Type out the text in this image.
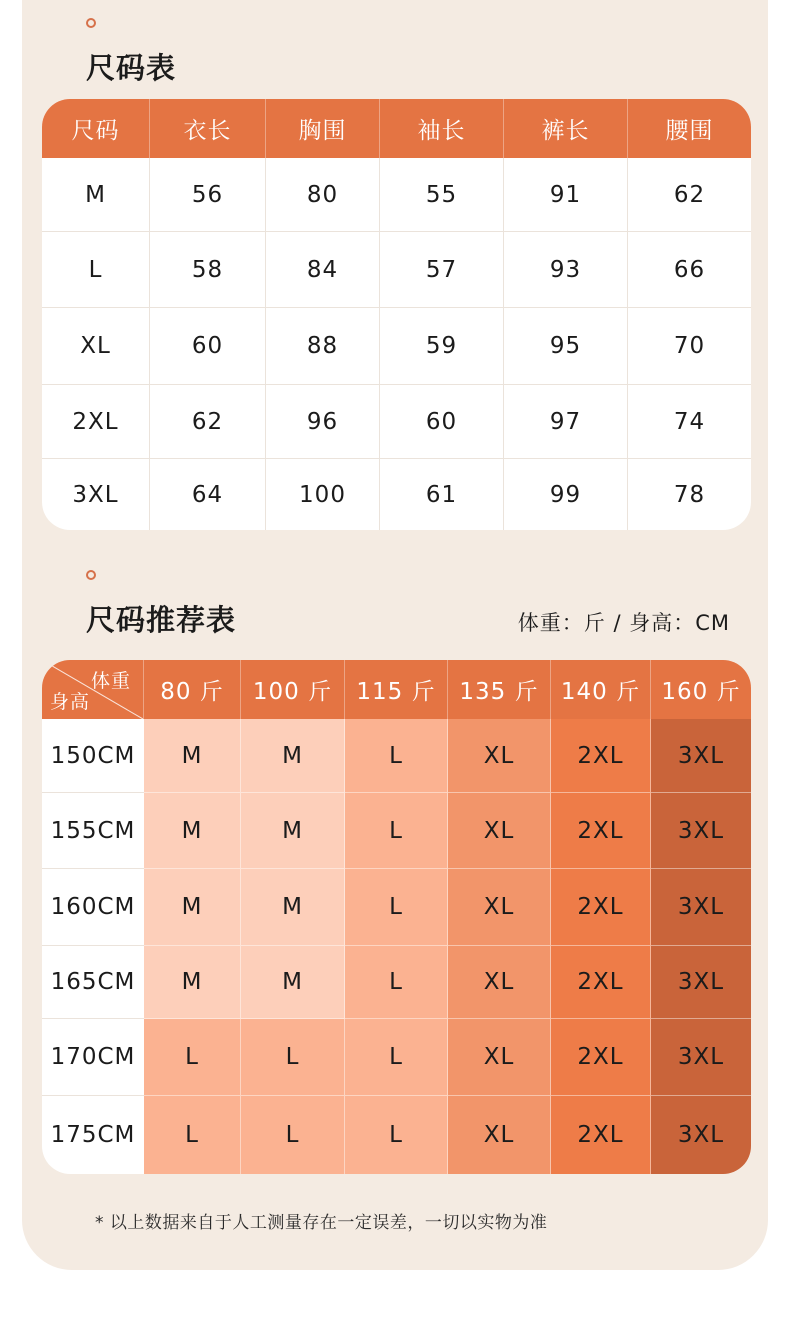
尺码表
尺码	衣长	胸围	袖长	裤长	腰围
M	56	80	55	91	62
L	58	84	57	93	66
XL	60	88	59	95	70
2XL	62	96	60	97	74
3XL	64	100	61	99	78
尺码推荐表	体重：斤 / 身高：CM
体重
身高	80 斤	100 斤	115 斤	135 斤 140 斤 160 斤
150CM	M	M	L	XL	2XL	3XL
155CM	M	M	L	XL	2XL	3XL
160CM	M	M	L	XL	2XL	3XL
165CM	M	M	L	XL	2XL	3XL
170CM	L	L	L	XL	2XL	3XL
175CM	L	L	L	XL	2XL	3XL
* 以上数据来自于人工测量存在一定误差，一切以实物为准
